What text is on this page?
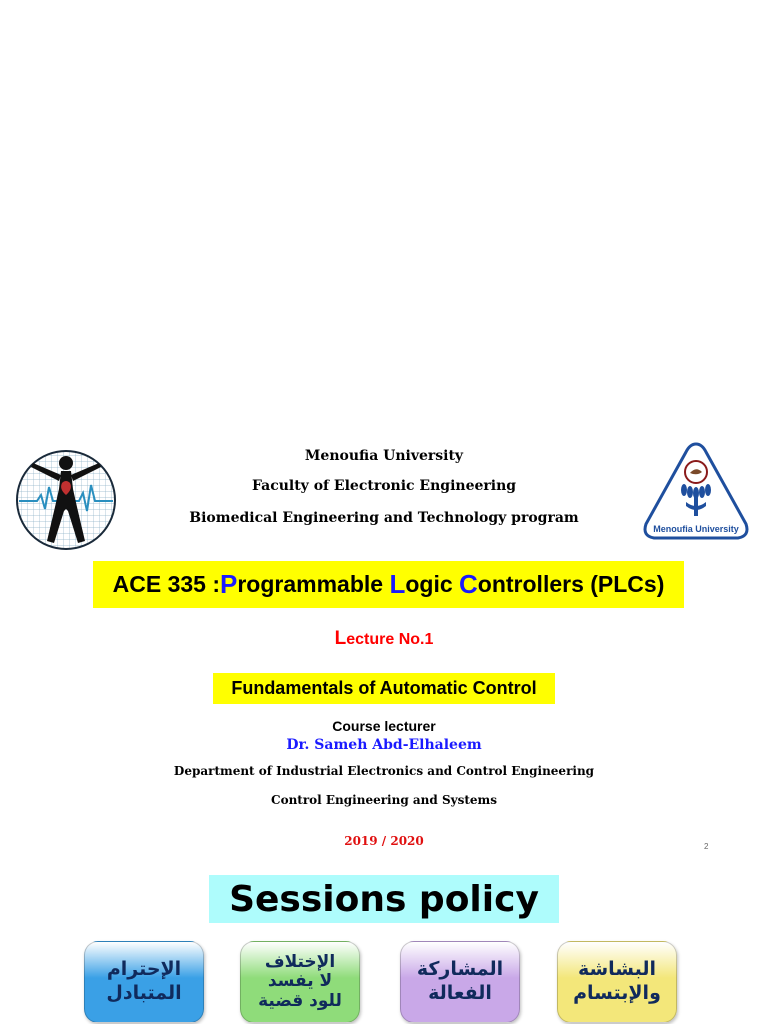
Menoufia University
Faculty of Electronic Engineering
Biomedical Engineering and Technology program
Menoufia University
ACE 335 : P rogrammable L ogic C ontrollers (PLCs)
Lecture No.1
Fundamentals of Automatic Control
Course lecturer
Dr. Sameh Abd-Elhaleem
Department of Industrial Electronics and Control Engineering
Control Engineering and Systems
2019 / 2020	2
Sessions policy
الإحترام
المتبادل
الإختلاف
لا يفسد
للود قضية
المشاركة
الفعالة
البشاشة
والإبتسام
